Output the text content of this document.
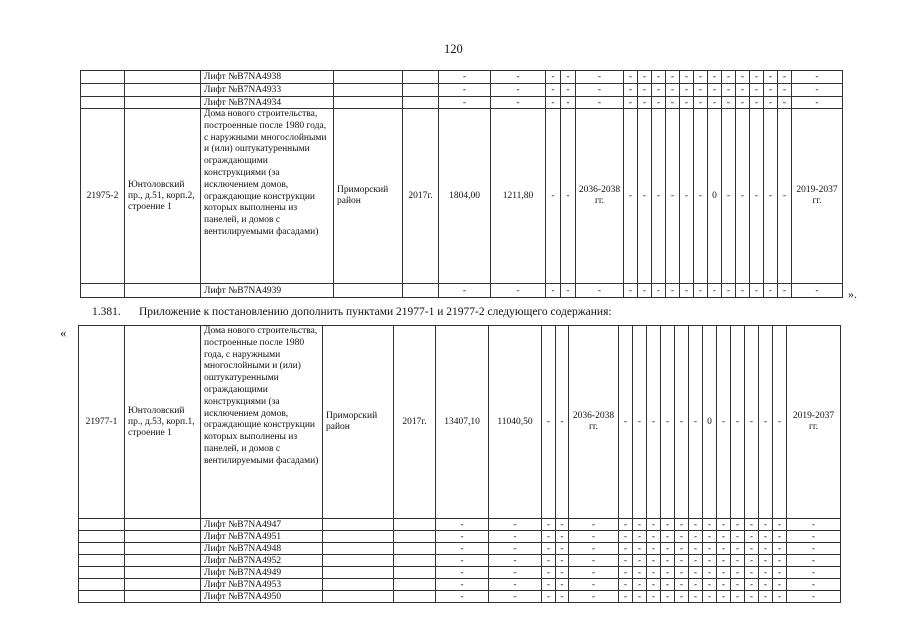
120
		Лифт №B7NA4938			-	-	-	-	-	-	-	-	-	-	-	-	-	-	-	-	-	-
		Лифт №B7NA4933			-	-	-	-	-	-	-	-	-	-	-	-	-	-	-	-	-	-
		Лифт №B7NA4934			-	-	-	-	-	-	-	-	-	-	-	-	-	-	-	-	-	-
21975-2	Юнтоловский пр., д.51, корп.2, строение 1	Дома нового строительства, построенные после 1980 года, с наружными многослойными и (или) оштукатуренными ограждающими конструкциями (за исключением домов, ограждающие конструкции которых выполнены из панелей, и домов с вентилируемыми фасадами)	Приморский район	2017г.	1804,00	1211,80	-	-	2036-2038 гг.	-	-	-	-	-	-	0	-	-	-	-	-	2019-2037 гг.
		Лифт №B7NA4939			-	-	-	-	-	-	-	-	-	-	-	-	-	-	-	-	-	- ».
1.381. Приложение к постановлению дополнить пунктами 21977-1 и 21977-2 следующего содержания:
«
21977-1	Юнтоловский пр., д.53, корп.1, строение 1	Дома нового строительства, построенные после 1980 года, с наружными многослойными и (или) оштукатуренными ограждающими конструкциями (за исключением домов, ограждающие конструкции которых выполнены из панелей, и домов с вентилируемыми фасадами)	Приморский район	2017г.	13407,10	11040,50	-	-	2036-2038 гг.	-	-	-	-	-	-	0	-	-	-	-	-	2019-2037 гг.
		Лифт №B7NA4947			-	-	-	-	-	-	-	-	-	-	-	-	-	-	-	-	-	-
		Лифт №B7NA4951			-	-	-	-	-	-	-	-	-	-	-	-	-	-	-	-	-	-
		Лифт №B7NA4948			-	-	-	-	-	-	-	-	-	-	-	-	-	-	-	-	-	-
		Лифт №B7NA4952			-	-	-	-	-	-	-	-	-	-	-	-	-	-	-	-	-	-
		Лифт №B7NA4949			-	-	-	-	-	-	-	-	-	-	-	-	-	-	-	-	-	-
		Лифт №B7NA4953			-	-	-	-	-	-	-	-	-	-	-	-	-	-	-	-	-	-
		Лифт №B7NA4950			-	-	-	-	-	-	-	-	-	-	-	-	-	-	-	-	-	-
